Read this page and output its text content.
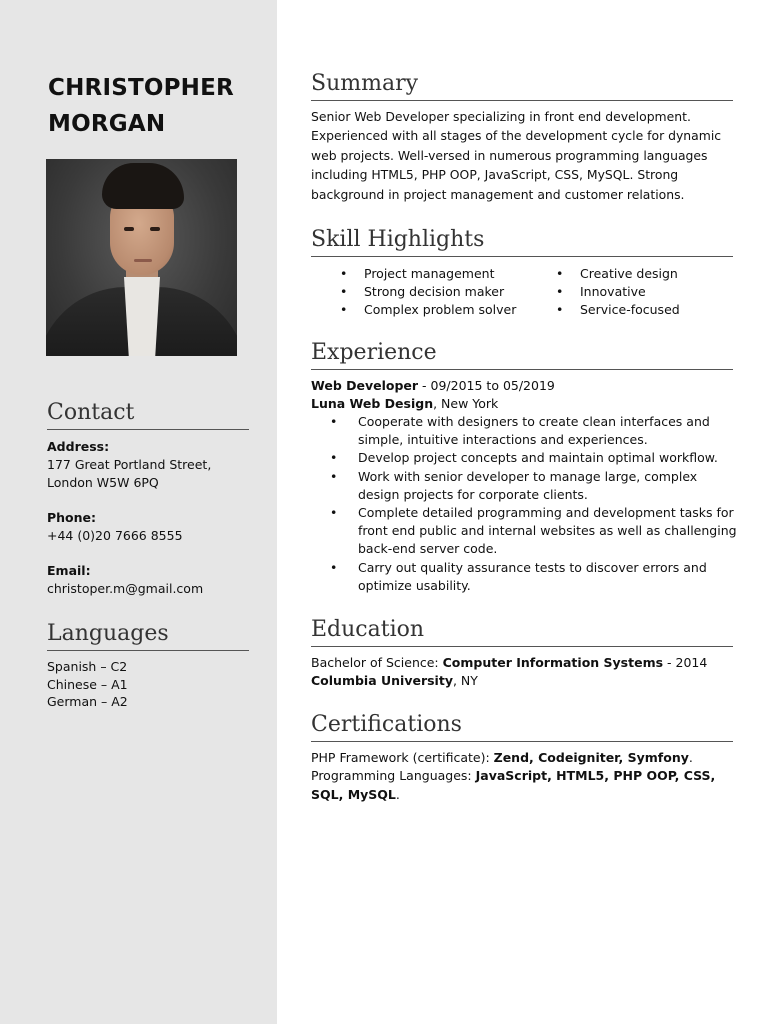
CHRISTOPHER
MORGAN
Contact
Address:
177 Great Portland Street,
London W5W 6PQ
Phone:
+44 (0)20 7666 8555
Email:
christoper.m@gmail.com
Languages
Spanish – C2
Chinese – A1
German – A2
Summary
Senior Web Developer specializing in front end development. Experienced with all stages of the development cycle for dynamic web projects. Well-versed in numerous programming languages including HTML5, PHP OOP, JavaScript, CSS, MySQL. Strong background in project management and customer relations.
Skill Highlights
• Project management
• Strong decision maker
• Complex problem solver
• Creative design
• Innovative
• Service-focused
Experience
Web Developer - 09/2015 to 05/2019
Luna Web Design, New York
• Cooperate with designers to create clean interfaces and simple, intuitive interactions and experiences.
• Develop project concepts and maintain optimal workflow.
• Work with senior developer to manage large, complex design projects for corporate clients.
• Complete detailed programming and development tasks for front end public and internal websites as well as challenging back-end server code.
• Carry out quality assurance tests to discover errors and optimize usability.
Education
Bachelor of Science: Computer Information Systems - 2014
Columbia University, NY
Certifications
PHP Framework (certificate): Zend, Codeigniter, Symfony.
Programming Languages: JavaScript, HTML5, PHP OOP, CSS, SQL, MySQL.
